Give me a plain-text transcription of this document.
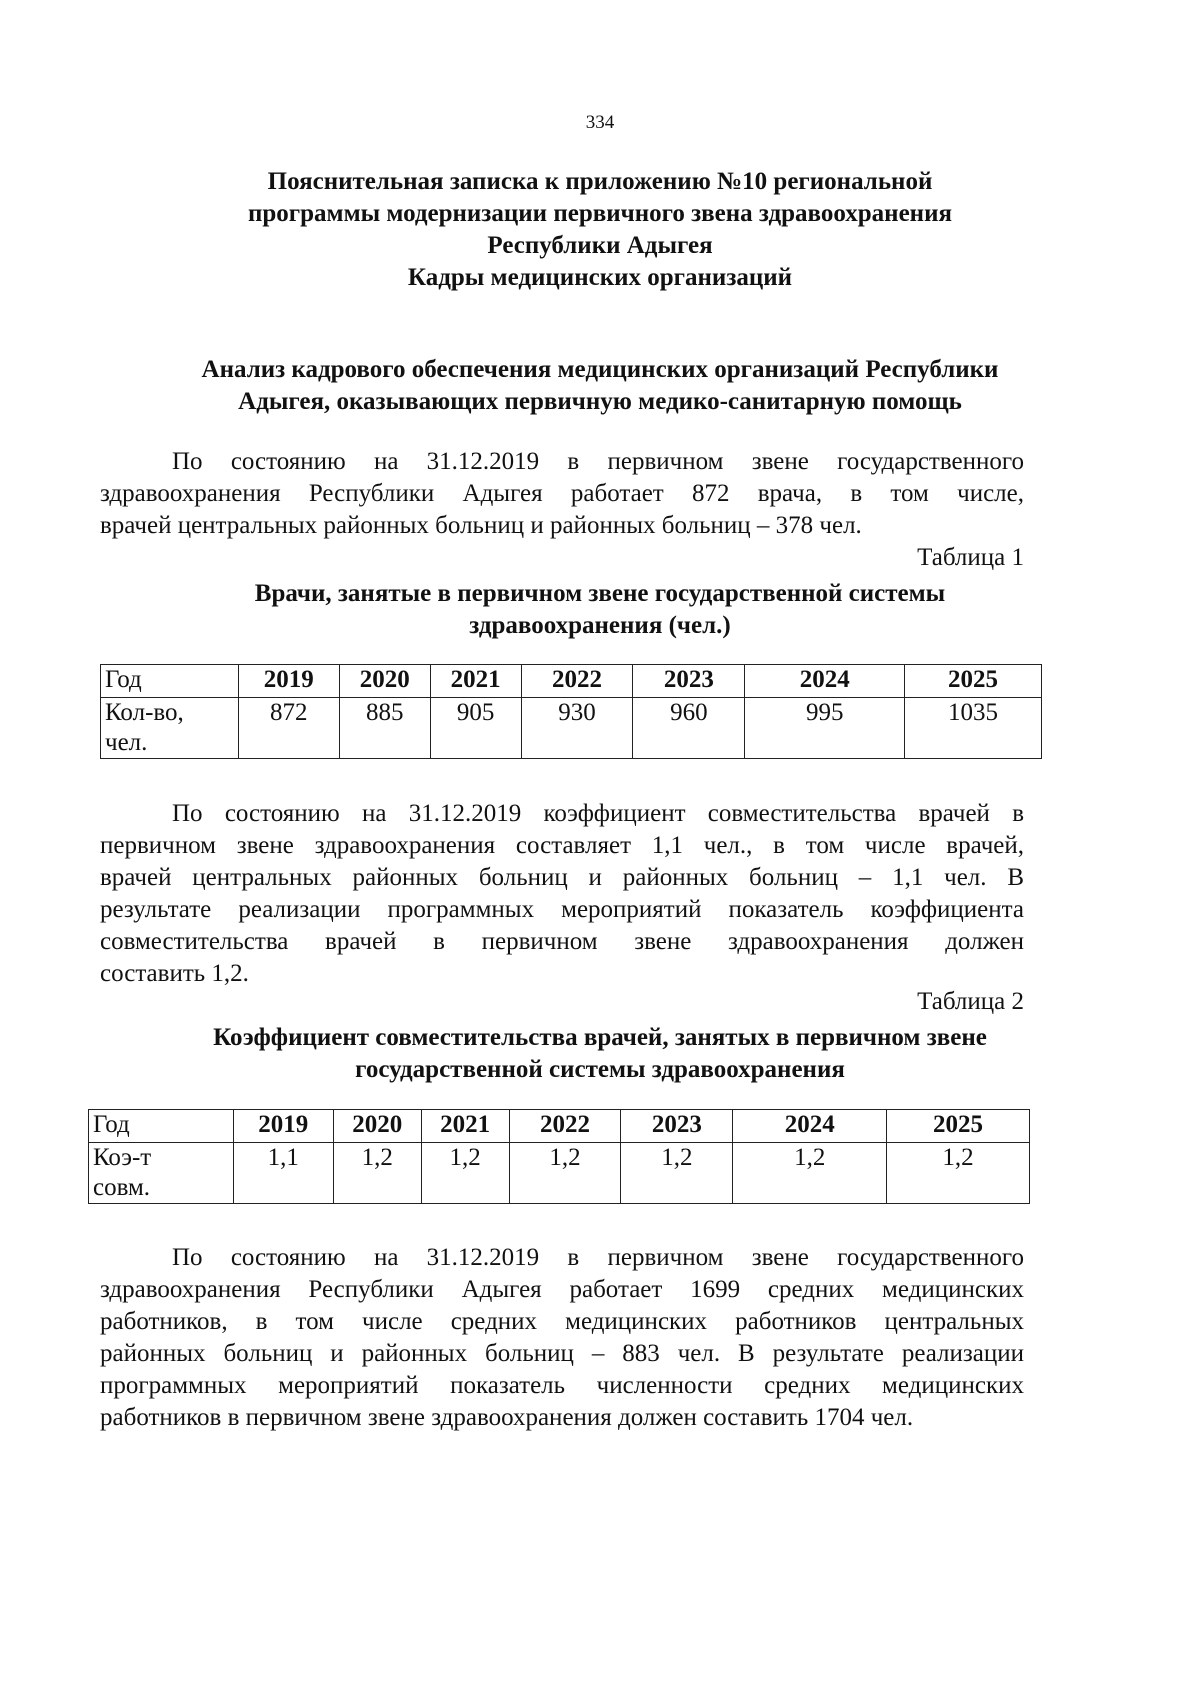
334
Пояснительная записка к приложению №10 региональной
программы модернизации первичного звена здравоохранения
Республики Адыгея
Кадры медицинских организаций
Анализ кадрового обеспечения медицинских организаций Республики
Адыгея, оказывающих первичную медико-санитарную помощь
По состоянию на 31.12.2019 в первичном звене государственного
здравоохранения Республики Адыгея работает 872 врача, в том числе,
врачей центральных районных больниц и районных больниц – 378 чел.
Таблица 1
Врачи, занятые в первичном звене государственной системы
здравоохранения (чел.)
Год	2019	2020	2021	2022	2023	2024	2025

Кол-во,
чел.	872	885	905	930	960	995	1035
По состоянию на 31.12.2019 коэффициент совместительства врачей в
первичном звене здравоохранения составляет 1,1 чел., в том числе врачей,
врачей центральных районных больниц и районных больниц – 1,1 чел. В
результате реализации программных мероприятий показатель коэффициента
совместительства врачей в первичном звене здравоохранения должен
составить 1,2.
Таблица 2
Коэффициент совместительства врачей, занятых в первичном звене
государственной системы здравоохранения
Год	2019	2020	2021	2022	2023	2024	2025

Коэ-т
совм.	1,1	1,2	1,2	1,2	1,2	1,2	1,2
По состоянию на 31.12.2019 в первичном звене государственного
здравоохранения Республики Адыгея работает 1699 средних медицинских
работников, в том числе средних медицинских работников центральных
районных больниц и районных больниц – 883 чел. В результате реализации
программных мероприятий показатель численности средних медицинских
работников в первичном звене здравоохранения должен составить 1704 чел.
